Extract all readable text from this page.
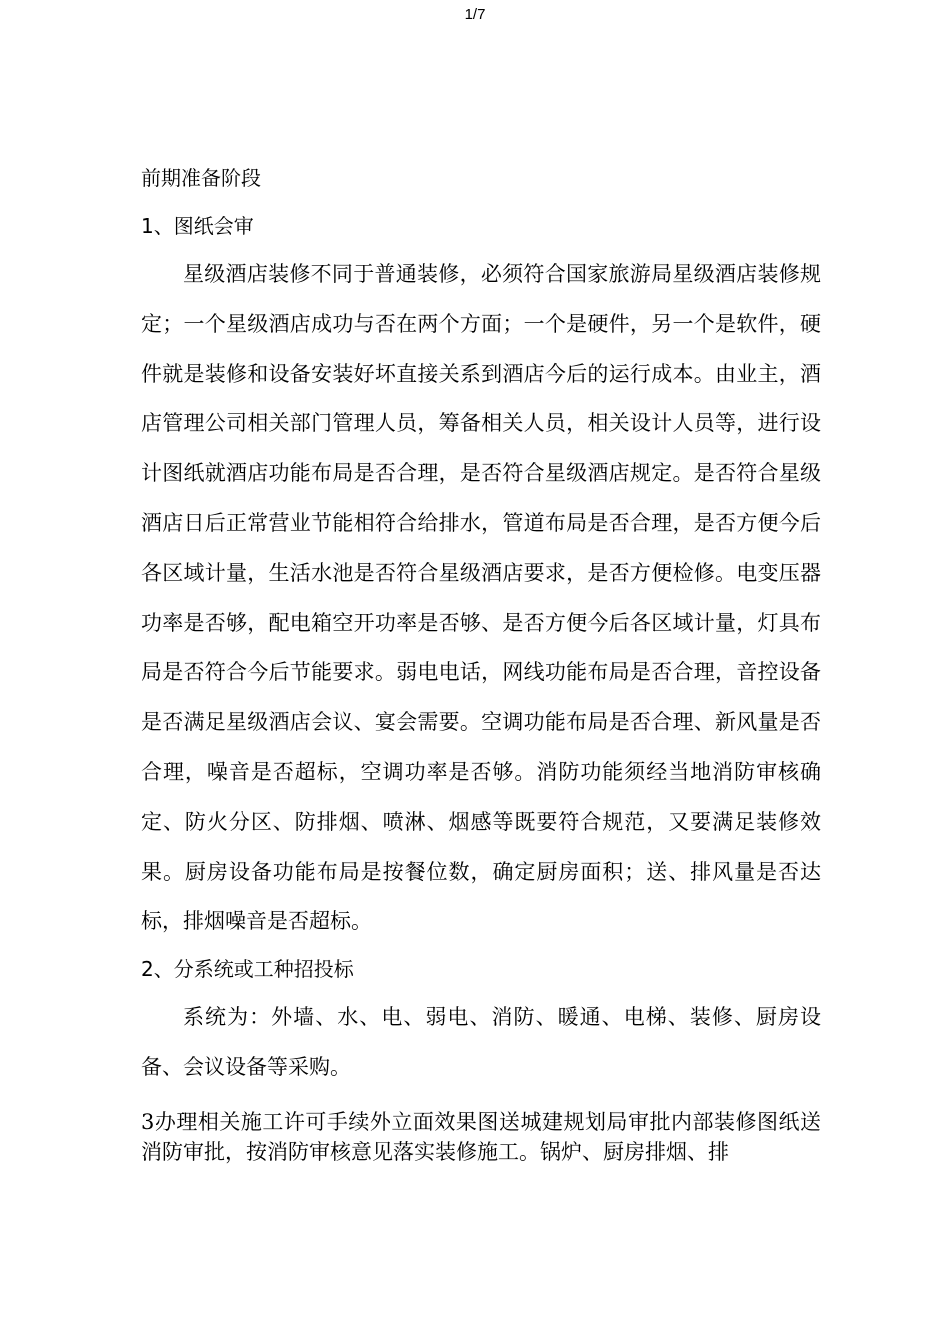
1/7

前期准备阶段

1、图纸会审

星级酒店装修不同于普通装修，必须符合国家旅游局星级酒店装修规定；一个星级酒店成功与否在两个方面；一个是硬件，另一个是软件，硬件就是装修和设备安装好坏直接关系到酒店今后的运行成本。由业主，酒店管理公司相关部门管理人员，筹备相关人员，相关设计人员等，进行设计图纸就酒店功能布局是否合理，是否符合星级酒店规定。是否符合星级酒店日后正常营业节能相符合给排水，管道布局是否合理，是否方便今后各区域计量，生活水池是否符合星级酒店要求，是否方便检修。电变压器功率是否够，配电箱空开功率是否够、是否方便今后各区域计量，灯具布局是否符合今后节能要求。弱电电话，网线功能布局是否合理，音控设备是否满足星级酒店会议、宴会需要。空调功能布局是否合理、新风量是否合理，噪音是否超标，空调功率是否够。消防功能须经当地消防审核确定、防火分区、防排烟、喷淋、烟感等既要符合规范，又要满足装修效果。厨房设备功能布局是按餐位数，确定厨房面积；送、排风量是否达标，排烟噪音是否超标。

2、分系统或工种招投标

系统为：外墙、水、电、弱电、消防、暖通、电梯、装修、厨房设备、会议设备等采购。

3办理相关施工许可手续外立面效果图送城建规划局审批内部装修图纸送消防审批，按消防审核意见落实装修施工。锅炉、厨房排烟、排
